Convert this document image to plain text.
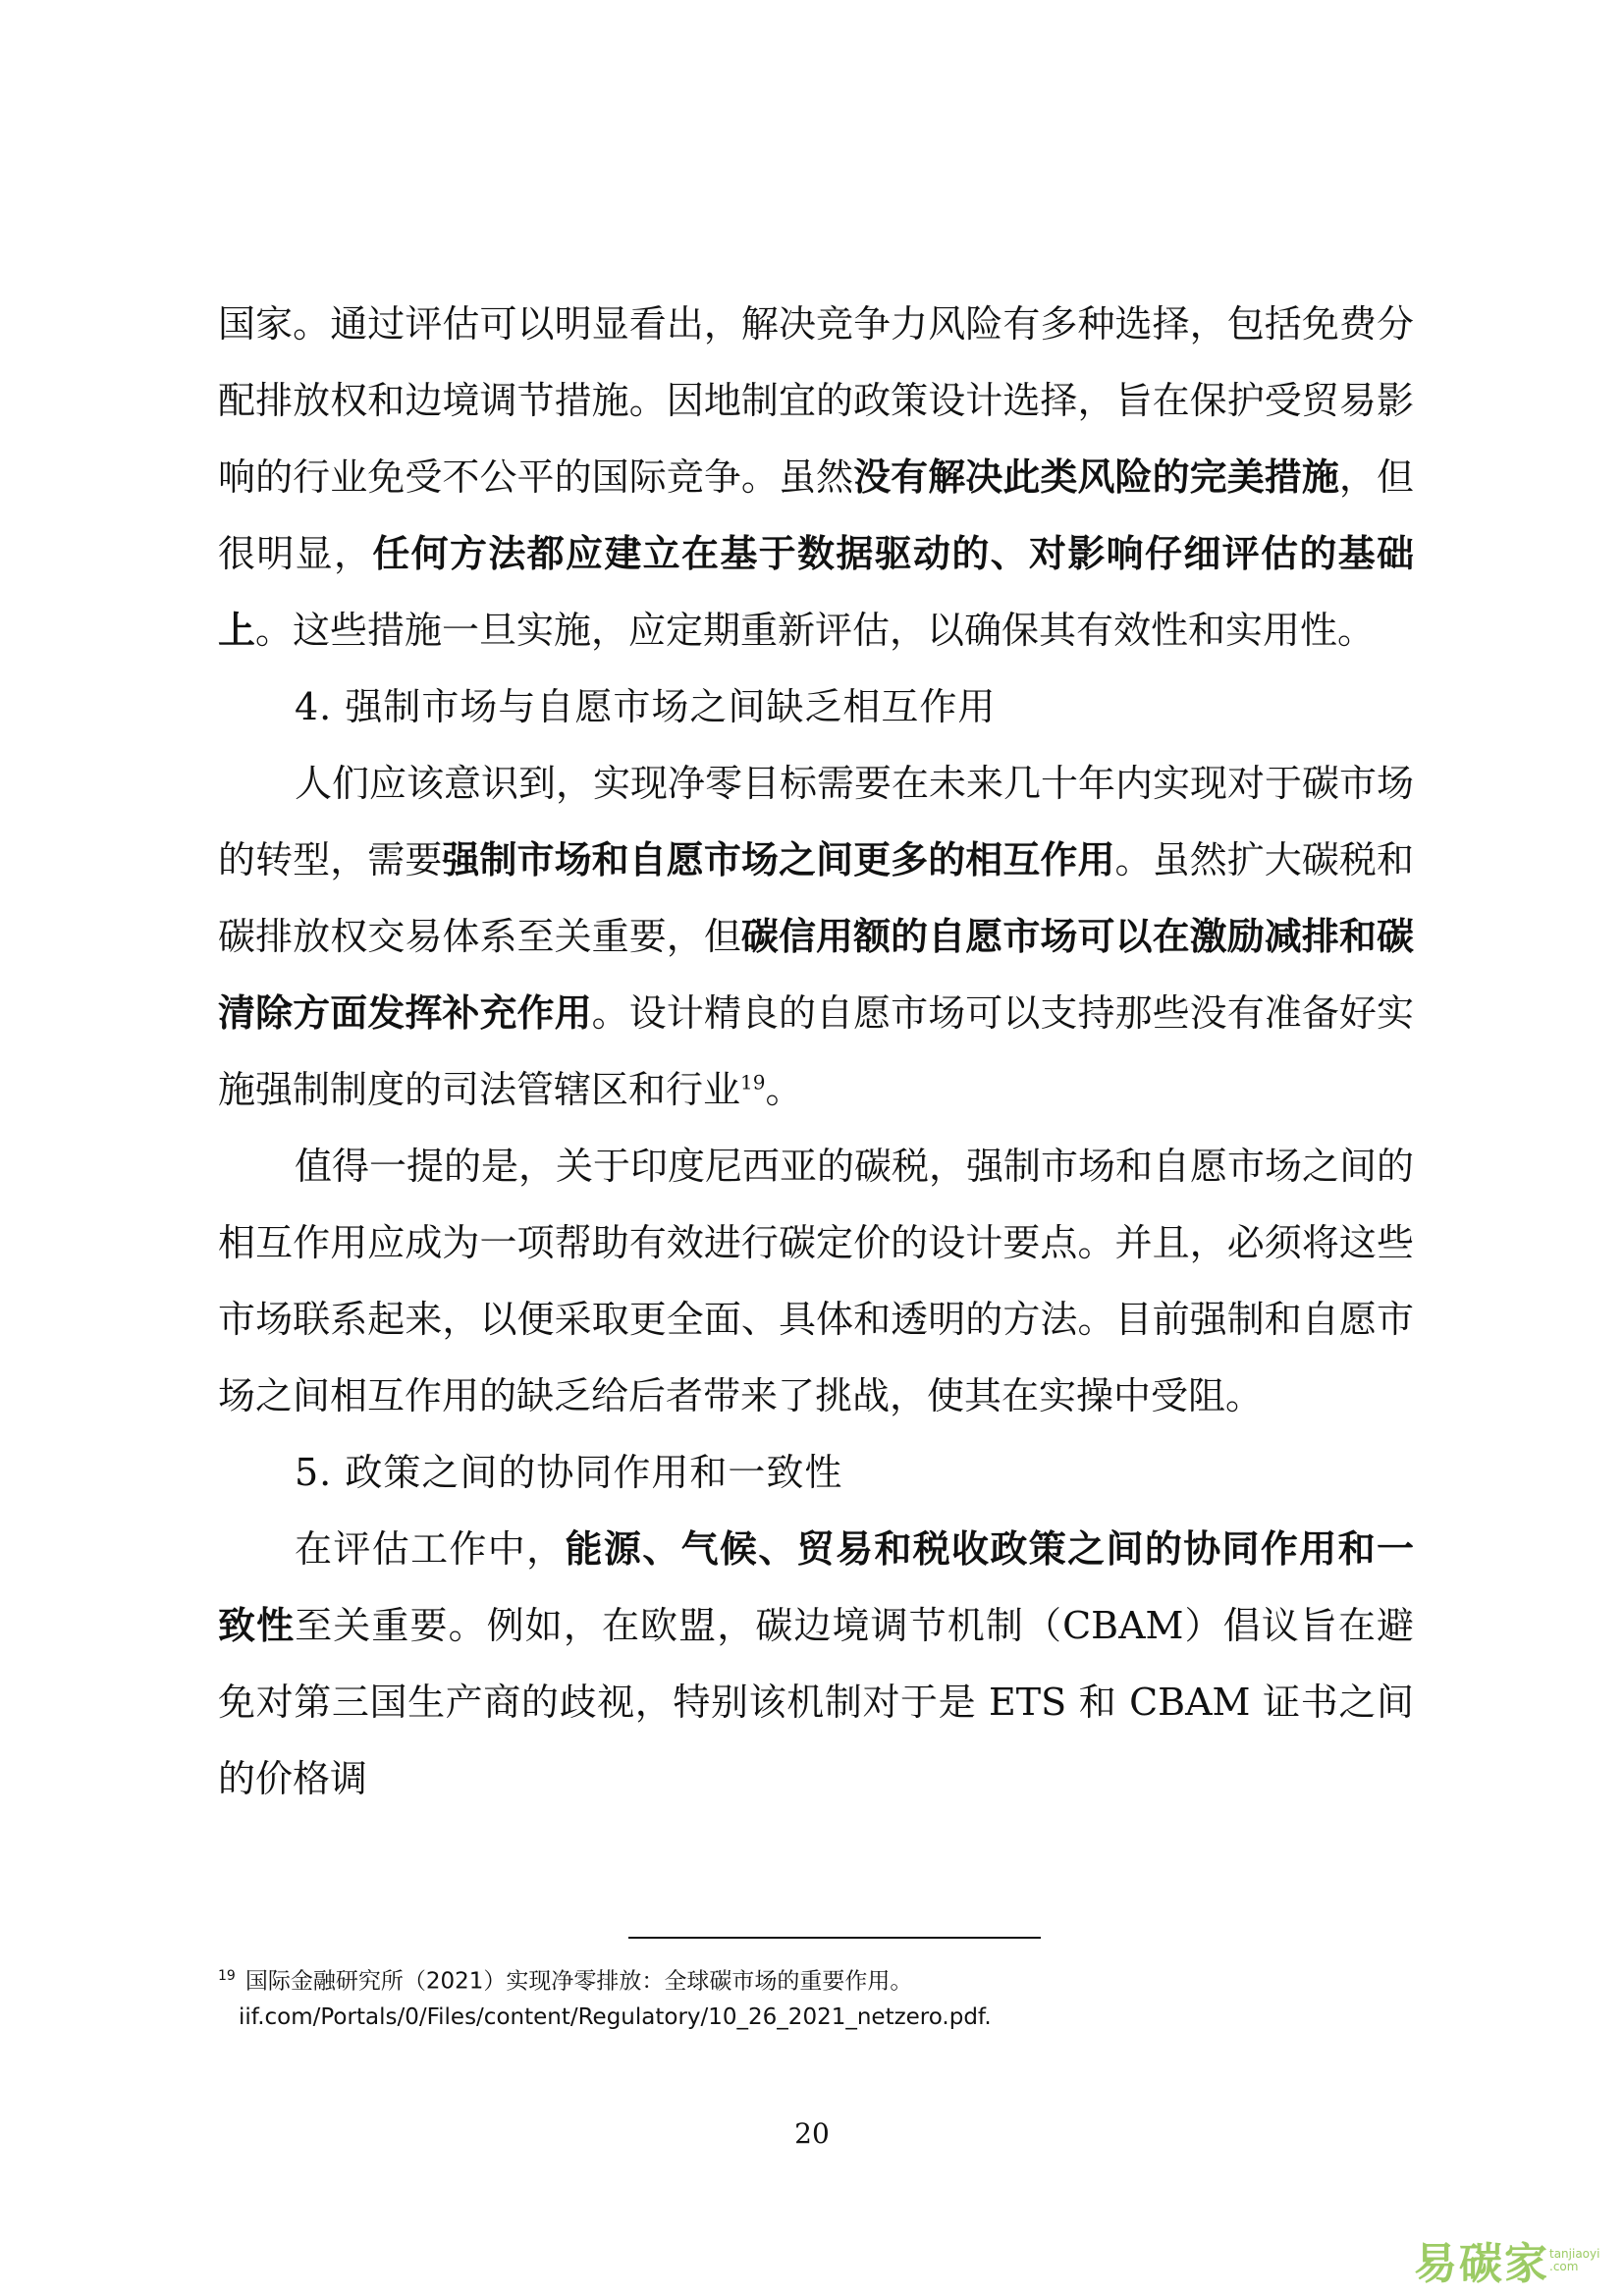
国家。通过评估可以明显看出，解决竞争力风险有多种选择，包括免费分配排放权和边境调节措施。因地制宜的政策设计选择，旨在保护受贸易影响的行业免受不公平的国际竞争。虽然没有解决此类风险的完美措施，但很明显，任何方法都应建立在基于数据驱动的、对影响仔细评估的基础上。这些措施一旦实施，应定期重新评估，以确保其有效性和实用性。

4. 强制市场与自愿市场之间缺乏相互作用

人们应该意识到，实现净零目标需要在未来几十年内实现对于碳市场的转型，需要强制市场和自愿市场之间更多的相互作用。虽然扩大碳税和碳排放权交易体系至关重要，但碳信用额的自愿市场可以在激励减排和碳清除方面发挥补充作用。设计精良的自愿市场可以支持那些没有准备好实施强制制度的司法管辖区和行业$^{19}$。

值得一提的是，关于印度尼西亚的碳税，强制市场和自愿市场之间的相互作用应成为一项帮助有效进行碳定价的设计要点。并且，必须将这些市场联系起来，以便采取更全面、具体和透明的方法。目前强制和自愿市场之间相互作用的缺乏给后者带来了挑战，使其在实操中受阻。

5. 政策之间的协同作用和一致性

在评估工作中，能源、气候、贸易和税收政策之间的协同作用和一致性至关重要。例如，在欧盟，碳边境调节机制（CBAM）倡议旨在避免对第三国生产商的歧视，特别该机制对于是 ETS 和 CBAM 证书之间的价格调

$^{19}$ 国际金融研究所（2021）实现净零排放：全球碳市场的重要作用。
iif.com/Portals/0/Files/content/Regulatory/10_26_2021_netzero.pdf.
20
易碳家 tanjiaoyi
.com
